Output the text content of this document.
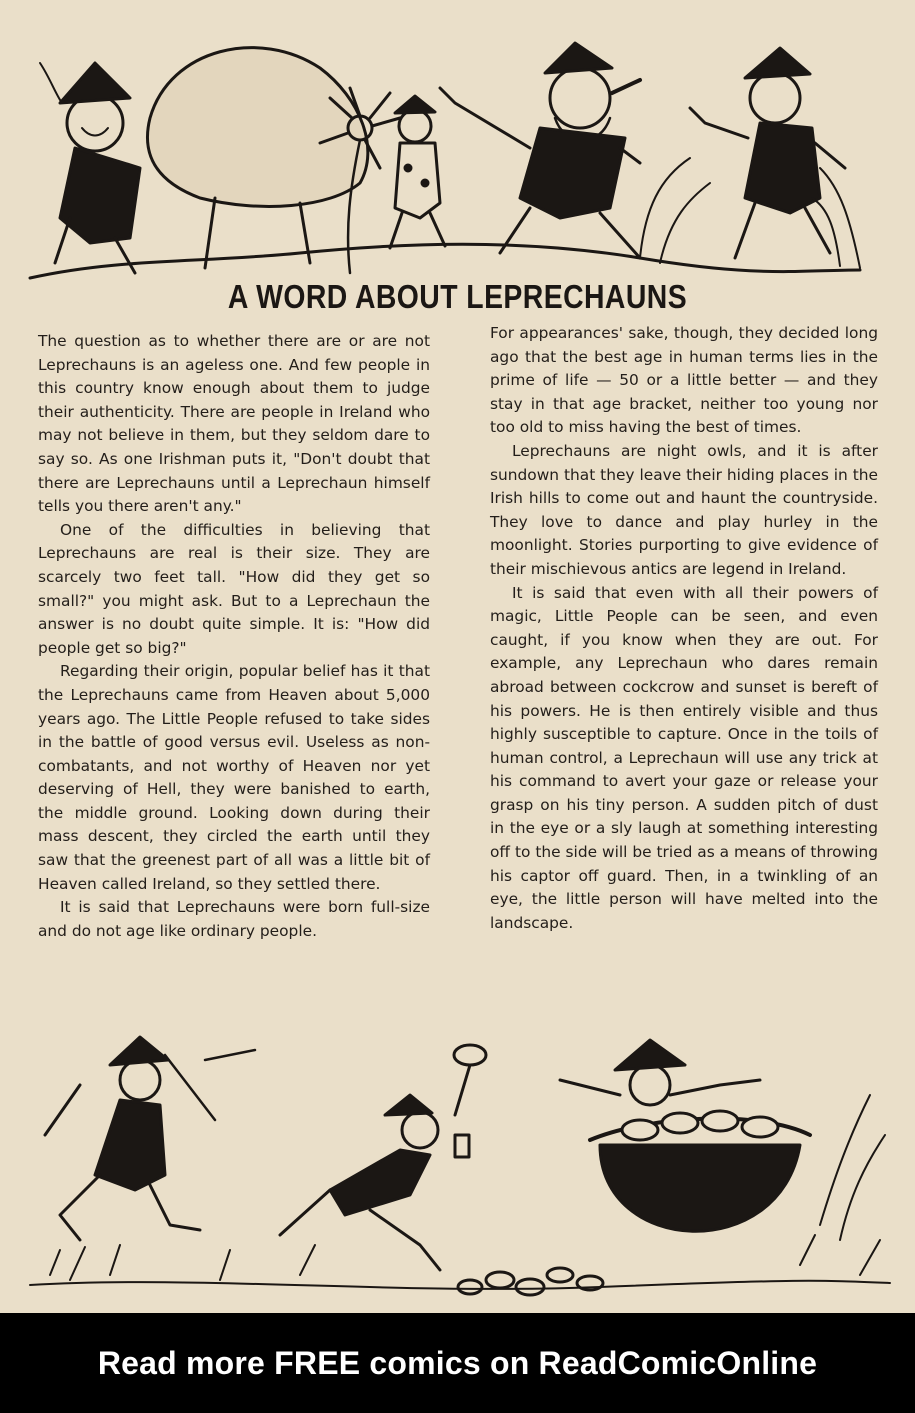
A WORD ABOUT LEPRECHAUNS

The question as to whether there are or are not Leprechauns is an ageless one. And few people in this country know enough about them to judge their authenticity. There are people in Ireland who may not believe in them, but they seldom dare to say so. As one Irishman puts it, "Don't doubt that there are Leprechauns until a Leprechaun himself tells you there aren't any."

One of the difficulties in believing that Leprechauns are real is their size. They are scarcely two feet tall. "How did they get so small?" you might ask. But to a Leprechaun the answer is no doubt quite simple. It is: "How did people get so big?"

Regarding their origin, popular belief has it that the Leprechauns came from Heaven about 5,000 years ago. The Little People refused to take sides in the battle of good versus evil. Useless as non-combatants, and not worthy of Heaven nor yet deserving of Hell, they were banished to earth, the middle ground. Looking down during their mass descent, they circled the earth until they saw that the greenest part of all was a little bit of Heaven called Ireland, so they settled there.

It is said that Leprechauns were born full-size and do not age like ordinary people.

For appearances' sake, though, they decided long ago that the best age in human terms lies in the prime of life — 50 or a little better — and they stay in that age bracket, neither too young nor too old to miss having the best of times.

Leprechauns are night owls, and it is after sundown that they leave their hiding places in the Irish hills to come out and haunt the countryside. They love to dance and play hurley in the moonlight. Stories purporting to give evidence of their mischievous antics are legend in Ireland.

It is said that even with all their powers of magic, Little People can be seen, and even caught, if you know when they are out. For example, any Leprechaun who dares remain abroad between cockcrow and sunset is bereft of his powers. He is then entirely visible and thus highly susceptible to capture. Once in the toils of human control, a Leprechaun will use any trick at his command to avert your gaze or release your grasp on his tiny person. A sudden pitch of dust in the eye or a sly laugh at something interesting off to the side will be tried as a means of throwing his captor off guard. Then, in a twinkling of an eye, the little person will have melted into the landscape.

Read more FREE comics on ReadComicOnline
